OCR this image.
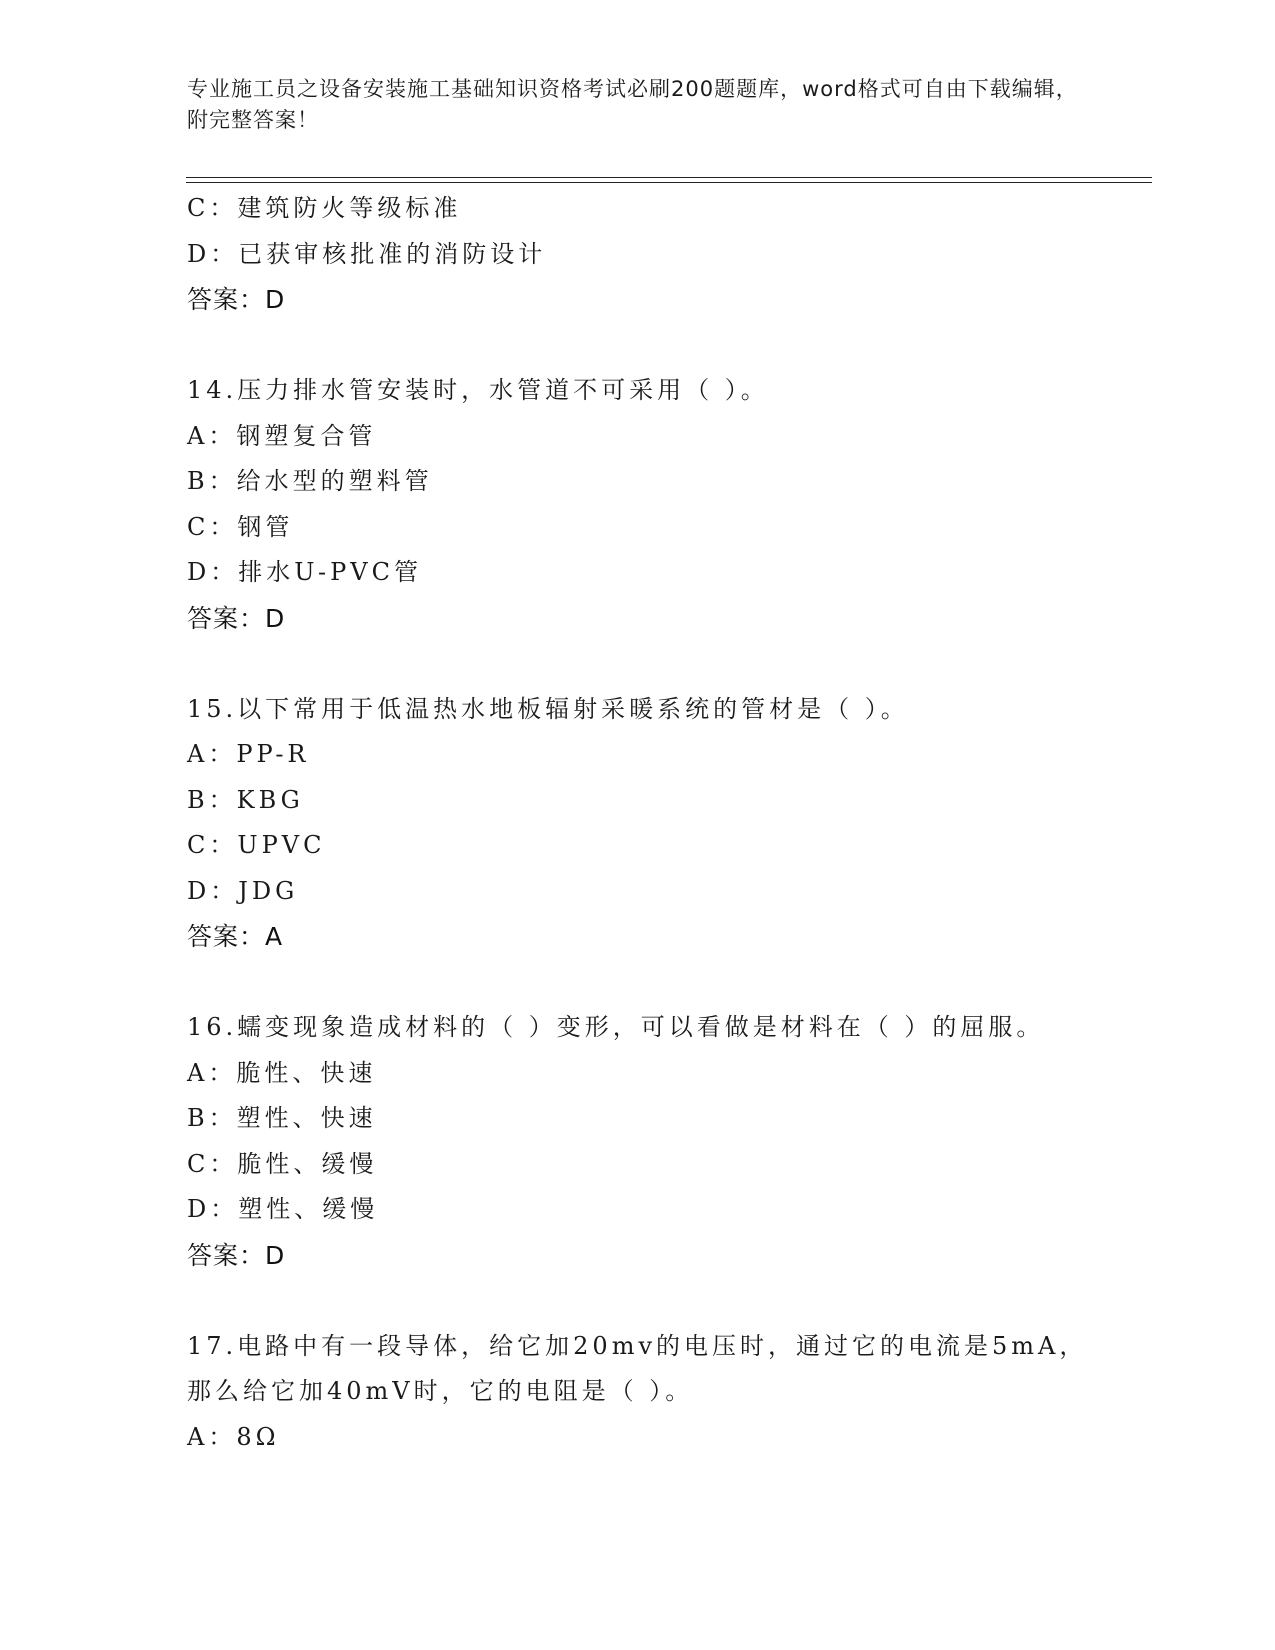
专业施工员之设备安装施工基础知识资格考试必刷200题题库，word格式可自由下载编辑，附完整答案！
C：建筑防火等级标准
D：已获审核批准的消防设计
答案：D
14.压力排水管安装时，水管道不可采用（ ）。
A：钢塑复合管
B：给水型的塑料管
C：钢管
D：排水U-PVC管
答案：D
15.以下常用于低温热水地板辐射采暖系统的管材是（ ）。
A：PP-R
B：KBG
C：UPVC
D：JDG
答案：A
16.蠕变现象造成材料的（ ）变形，可以看做是材料在（ ）的屈服。
A：脆性、快速
B：塑性、快速
C：脆性、缓慢
D：塑性、缓慢
答案：D
17.电路中有一段导体，给它加20mv的电压时，通过它的电流是5mA，
那么给它加40mV时，它的电阻是（ ）。
A：8Ω
